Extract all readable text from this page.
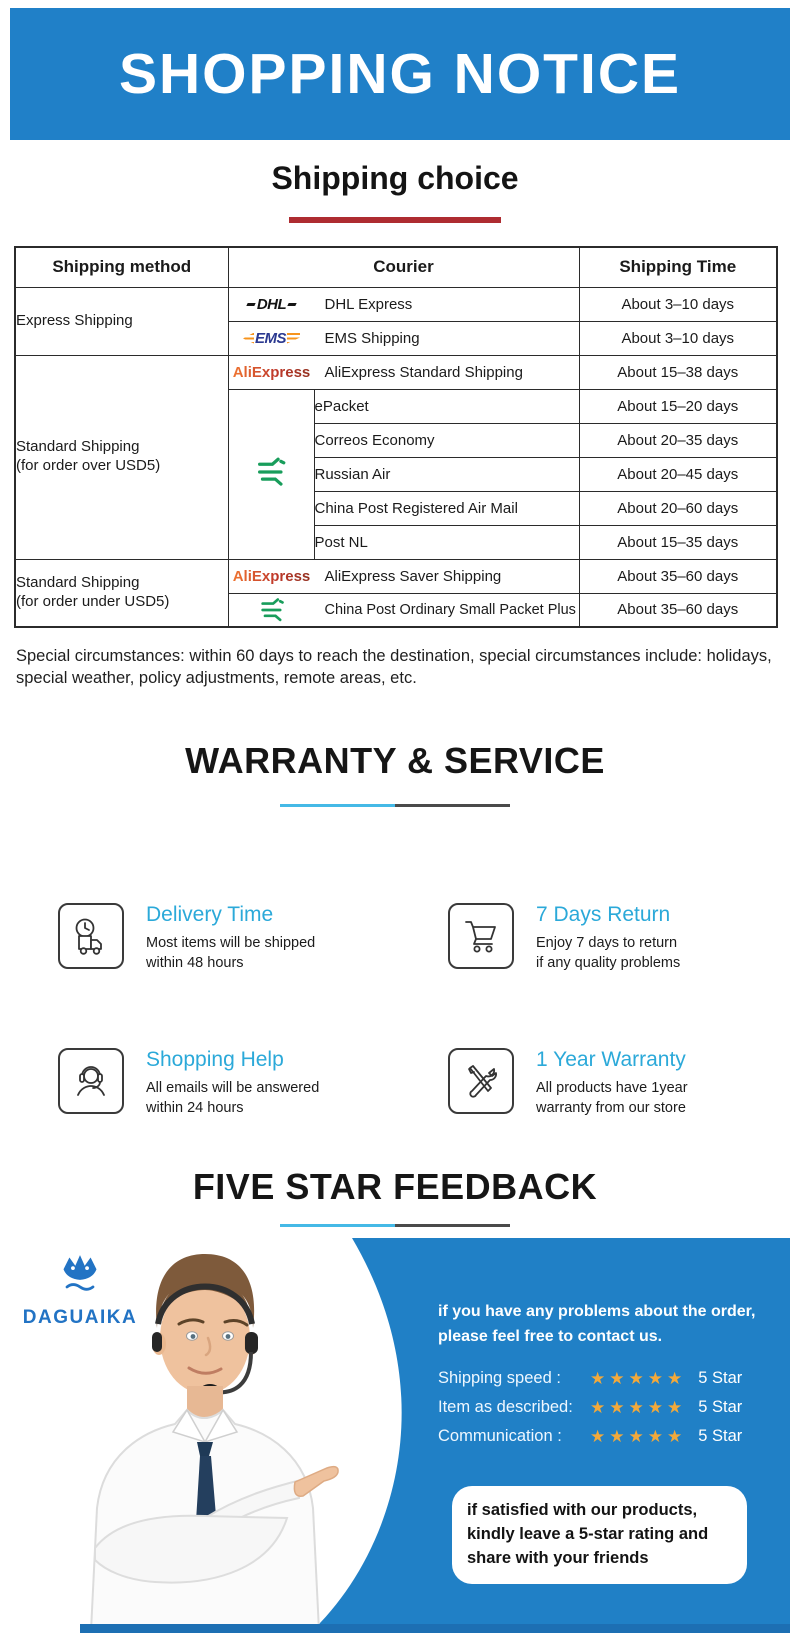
SHOPPING NOTICE
Shipping choice
Shipping method	Courier		Shipping Time
Express Shipping	DHL DHL Express		About 3–10 days

	EMS EMS Shipping		About 3–10 days

Standard Shipping
(for order over USD5)

AliExpress AliExpress Standard Shipping	About 15–38 days
	ePacket	About 15–20 days
		Correos Economy	About 20–35 days
		Russian Air	About 20–45 days
		China Post Registered Air Mail	About 20–60 days
		Post NL	About 15–35 days

Standard Shipping
(for order under USD5)

AliExpress AliExpress Saver Shipping	About 35–60 days

	China Post Ordinary Small Packet Plus		About 35–60 days

Special circumstances: within 60 days to reach the destination, special circumstances include: holidays, special weather, policy adjustments, remote areas, etc.

WARRANTY & SERVICE
Delivery Time
Most items will be shipped
within 48 hours
7 Days Return
Enjoy 7 days to return
if any quality problems
Shopping Help
All emails will be answered
within 24 hours
1 Year Warranty
All products have 1year
warranty from our store
FIVE STAR FEEDBACK
DAGUAIKA	if you have any problems about the order,
please feel free to contact us.
Shipping speed :	★★★★★ 5 Star
Item as described:	★★★★★ 5 Star
Communication :	★★★★★ 5 Star
if satisfied with our products,
kindly leave a 5-star rating and
share with your friends
